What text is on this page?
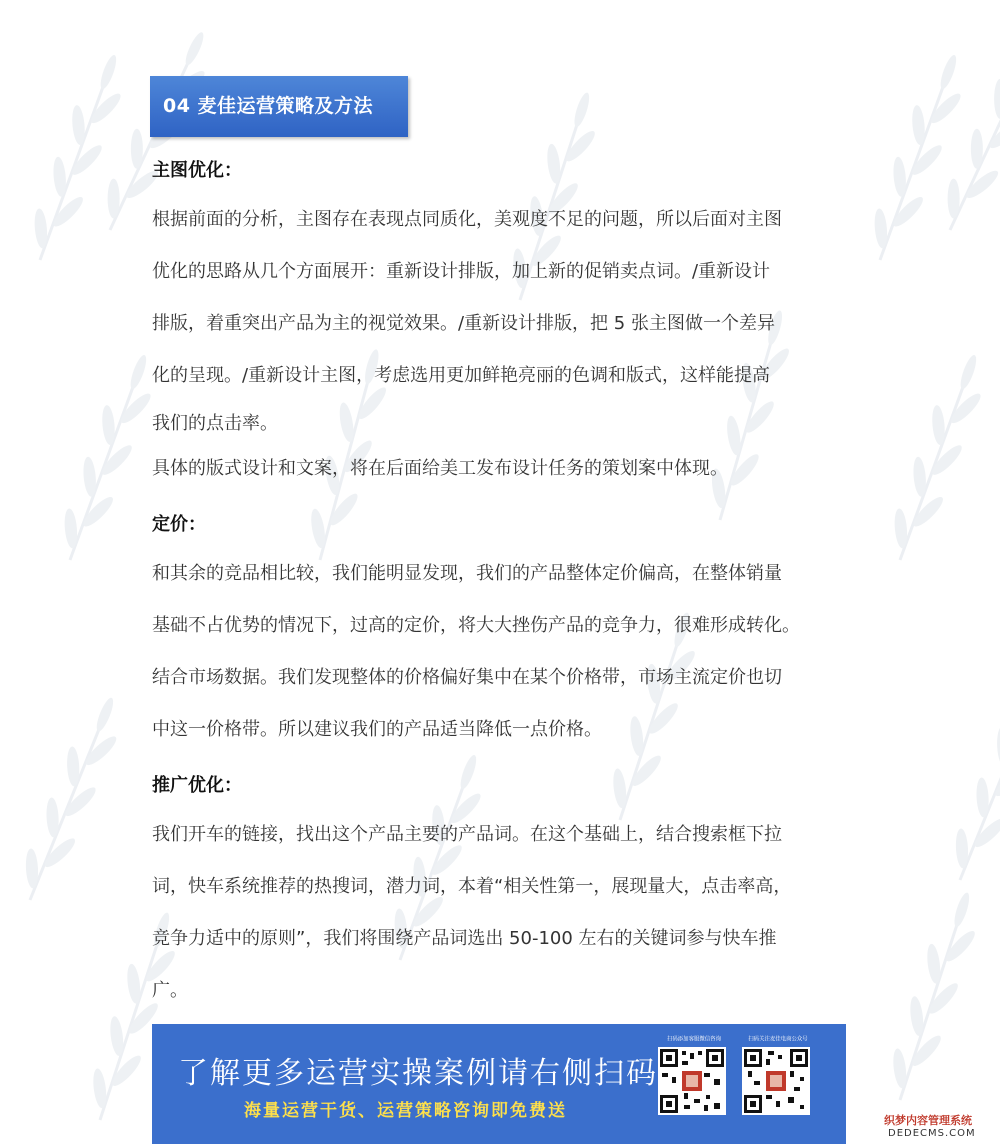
04 麦佳运营策略及方法
主图优化：
根据前面的分析，主图存在表现点同质化，美观度不足的问题，所以后面对主图
优化的思路从几个方面展开：重新设计排版，加上新的促销卖点词。/重新设计
排版，着重突出产品为主的视觉效果。/重新设计排版，把 5 张主图做一个差异
化的呈现。/重新设计主图，考虑选用更加鲜艳亮丽的色调和版式，这样能提高
我们的点击率。
具体的版式设计和文案，将在后面给美工发布设计任务的策划案中体现。
定价：
和其余的竞品相比较，我们能明显发现，我们的产品整体定价偏高，在整体销量
基础不占优势的情况下，过高的定价，将大大挫伤产品的竞争力，很难形成转化。
结合市场数据。我们发现整体的价格偏好集中在某个价格带，市场主流定价也切
中这一价格带。所以建议我们的产品适当降低一点价格。
推广优化：
我们开车的链接，找出这个产品主要的产品词。在这个基础上，结合搜索框下拉
词，快车系统推荐的热搜词，潜力词，本着“相关性第一，展现量大，点击率高，
竞争力适中的原则”，我们将围绕产品词选出 50-100 左右的关键词参与快车推
广。
了解更多运营实操案例请右侧扫码
海量运营干货、运营策略咨询即免费送
扫码添加客服微信咨询	扫码关注麦佳电商公众号
织梦内容管理系统
DEDECMS.COM
